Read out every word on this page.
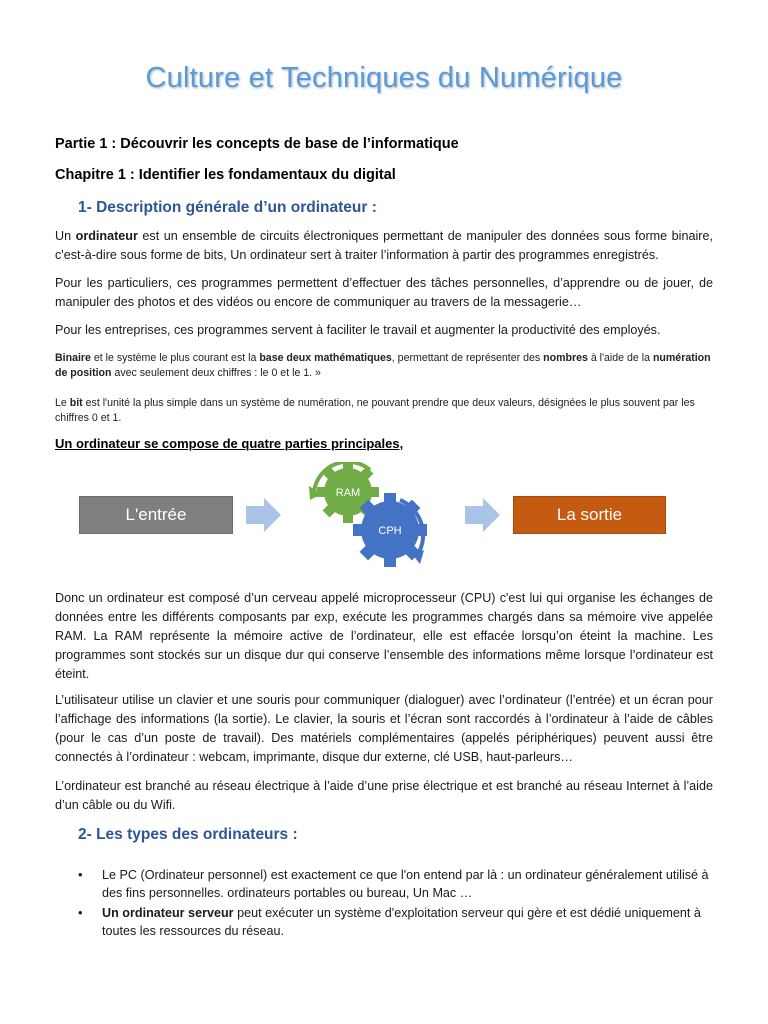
Culture et Techniques du Numérique
Partie 1 : Découvrir les concepts de base de l’informatique
Chapitre 1 : Identifier les fondamentaux du digital
1- Description générale d’un ordinateur :
Un ordinateur est un ensemble de circuits électroniques permettant de manipuler des données sous forme binaire, c'est-à-dire sous forme de bits, Un ordinateur sert à traiter l’information à partir des programmes enregistrés.
Pour les particuliers, ces programmes permettent d’effectuer des tâches personnelles, d’apprendre ou de jouer, de manipuler des photos et des vidéos ou encore de communiquer au travers de la messagerie…
Pour les entreprises, ces programmes servent à faciliter le travail et augmenter la productivité des employés.
Binaire et le système le plus courant est la base deux mathématiques, permettant de représenter des nombres à l'aide de la numération de position avec seulement deux chiffres : le 0 et le 1. »
Le bit est l'unité la plus simple dans un système de numération, ne pouvant prendre que deux valeurs, désignées le plus souvent par les chiffres 0 et 1.
Un ordinateur se compose de quatre parties principales,
L'entrée
RAM
CPH
La sortie
Donc un ordinateur est composé d’un cerveau appelé microprocesseur (CPU) c'est lui qui organise les échanges de données entre les différents composants par exp, exécute les programmes chargés dans sa mémoire vive appelée RAM. La RAM représente la mémoire active de l’ordinateur, elle est effacée lorsqu’on éteint la machine. Les programmes sont stockés sur un disque dur qui conserve l’ensemble des informations même lorsque l’ordinateur est éteint.
L’utilisateur utilise un clavier et une souris pour communiquer (dialoguer) avec l’ordinateur (l’entrée) et un écran pour l’affichage des informations (la sortie). Le clavier, la souris et l’écran sont raccordés à l’ordinateur à l’aide de câbles (pour le cas d’un poste de travail). Des matériels complémentaires (appelés périphériques) peuvent aussi être connectés à l’ordinateur : webcam, imprimante, disque dur externe, clé USB, haut-parleurs…
L’ordinateur est branché au réseau électrique à l’aide d’une prise électrique et est branché au réseau Internet à l’aide d’un câble ou du Wifi.
2- Les types des ordinateurs :
• Le PC (Ordinateur personnel) est exactement ce que l'on entend par là : un ordinateur généralement utilisé à des fins personnelles. ordinateurs portables ou bureau, Un Mac …
• Un ordinateur serveur peut exécuter un système d'exploitation serveur qui gère et est dédié uniquement à toutes les ressources du réseau.
